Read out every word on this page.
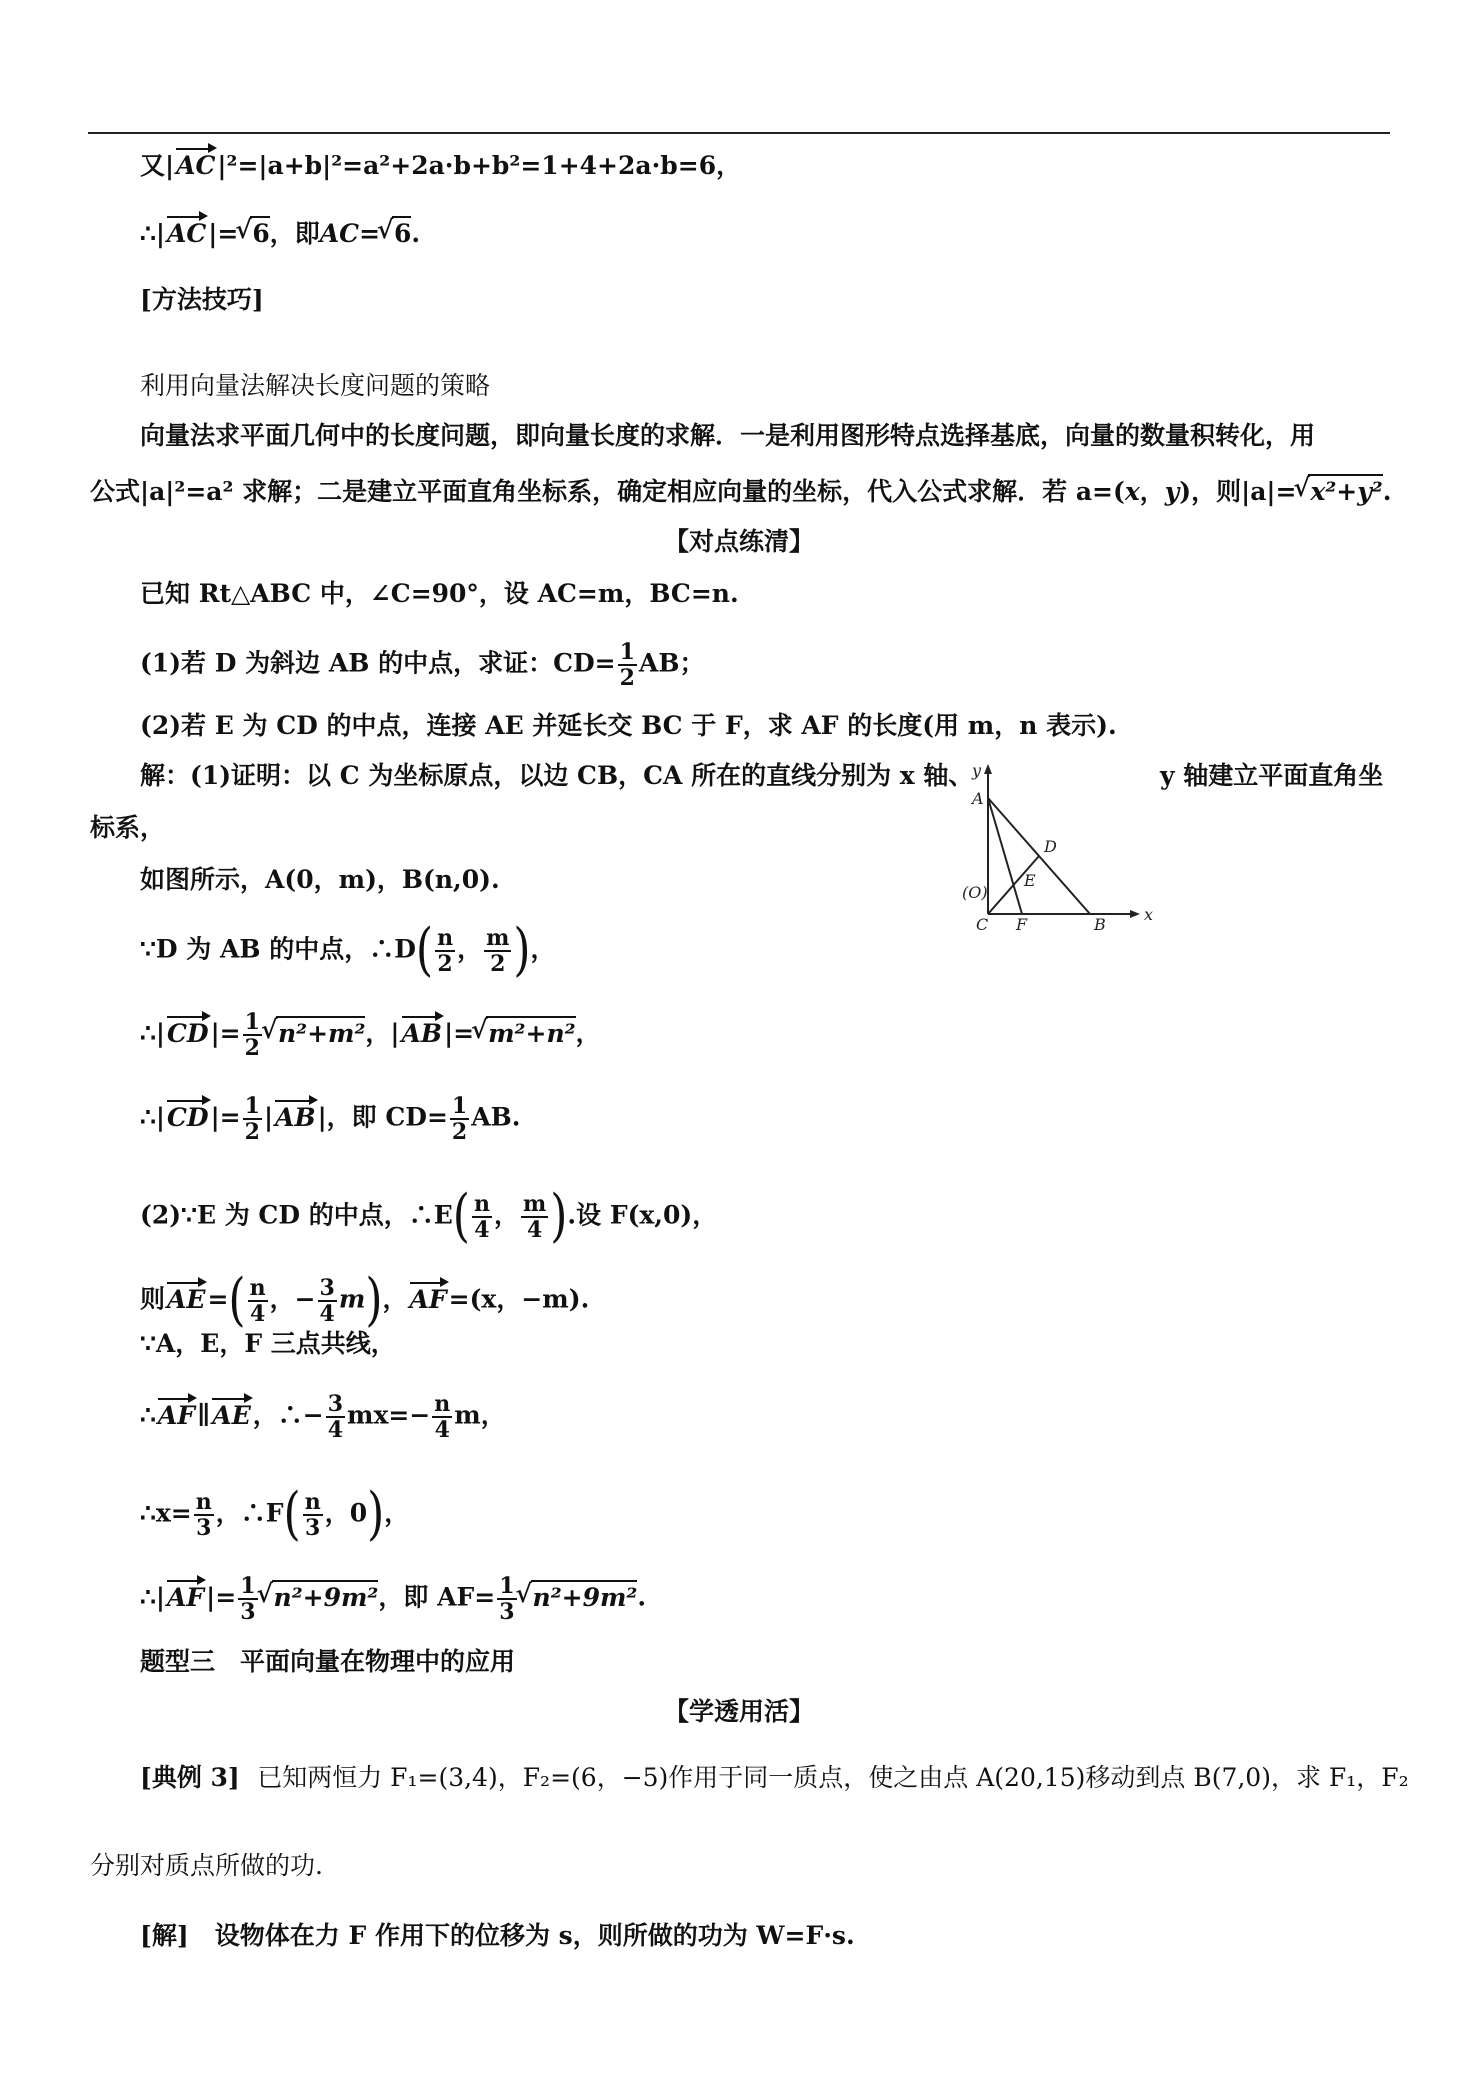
又|AC|²=|a+b|²=a²+2a·b+b²=1+4+2a·b=6，
∴|AC|= √ 6，即AC= √ 6.
[方法技巧]
利用向量法解决长度问题的策略
向量法求平面几何中的长度问题，即向量长度的求解．一是利用图形特点选择基底，向量的数量积转化，用
公式|a|²=a² 求解；二是建立平面直角坐标系，确定相应向量的坐标，代入公式求解．若 a=(x，y)，则|a|= √ x²+y².
【对点练清】
已知 Rt△ABC 中，∠C=90°，设 AC=m，BC=n.
(1)若 D 为斜边 AB 的中点，求证：$CD= \frac{1}{2}$ AB；
(2)若 E 为 CD 的中点，连接 AE 并延长交 BC 于 F，求 AF 的长度(用 m，n 表示).
解：(1)证明：以 C 为坐标原点，以边 CB，CA 所在的直线分别为 x 轴、	y 轴建立平面直角坐
标系，
如图所示，A(0，m)，B(n,0).
∵D 为 AB 的中点，∴D( $\frac{n}{2}$ ， $\frac{m}{2}$ )，
∴|CD|= $\frac{1}{2}$ √ n²+m²，|AB|= √ m²+n²，
∴|CD|= $\frac{1}{2} |AB|$，即 $CD= \frac{1}{2}$ AB.
(2)∵E 为 CD 的中点，∴E( $\frac{n}{4}$ ， $\frac{m}{4}$ ).设 F(x,0)，
则$AE=( \frac{n}{4}$ ，− $\frac{3}{4} m$)，AF=(x，−m).
∵A，E，F 三点共线，
∴AF∥AE，∴− $\frac{3}{4} mx=- \frac{n}{4}$ m，
∴x= $\frac{n}{3}$ ，∴F( $\frac{n}{3}$ ，0)，
∴|AF|= $\frac{1}{3}$ √ n²+9m²，即 $AF= \frac{1}{3}$ √ n²+9m².
题型三　平面向量在物理中的应用
【学透用活】
[典例 3] 已知两恒力 F₁=(3,4)，F₂=(6，−5)作用于同一质点，使之由点 A(20,15)移动到点 B(7,0)，求 F₁，F₂
分别对质点所做的功.
[解] 设物体在力 F 作用下的位移为 s，则所做的功为 W=F·s.
y
x
A
D
E
(O)
C F	B
